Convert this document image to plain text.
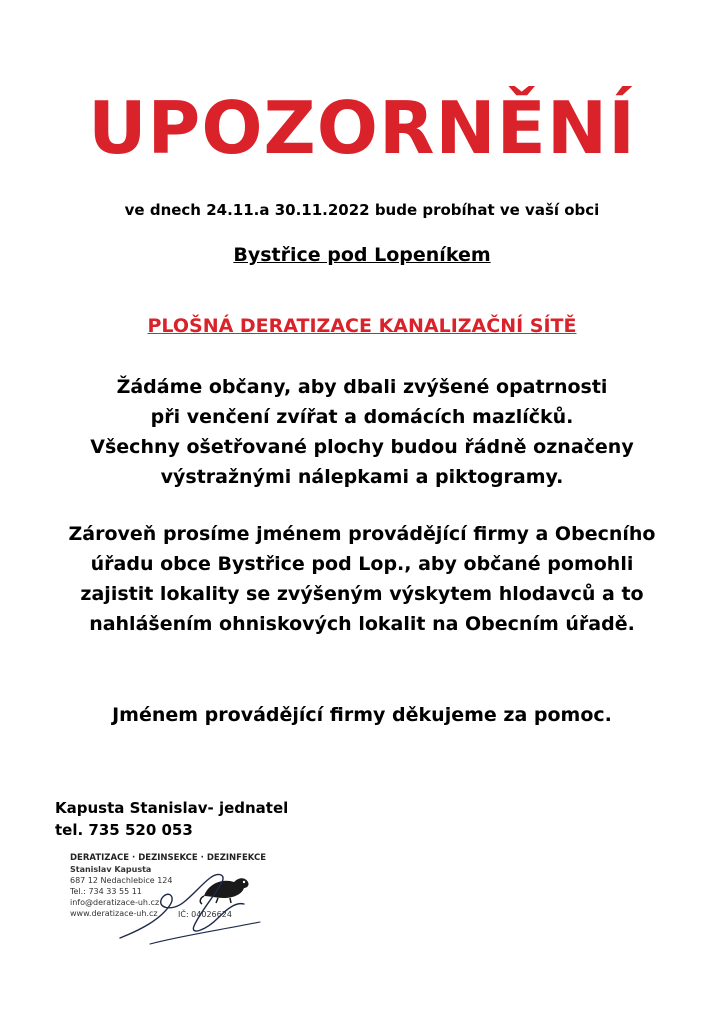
UPOZORNĚNÍ
ve dnech 24.11.a 30.11.2022 bude probíhat ve vaší obci
Bystřice pod Lopeníkem
PLOŠNÁ DERATIZACE KANALIZAČNÍ SÍTĚ
Žádáme občany, aby dbali zvýšené opatrnosti
při venčení zvířat a domácích mazlíčků.
Všechny ošetřované plochy budou řádně označeny
výstražnými nálepkami a piktogramy.
Zároveň prosíme jménem provádějící firmy a Obecního
úřadu obce Bystřice pod Lop., aby občané pomohli
zajistit lokality se zvýšeným výskytem hlodavců a to
nahlášením ohniskových lokalit na Obecním úřadě.
Jménem provádějící firmy děkujeme za pomoc.
Kapusta Stanislav- jednatel
tel. 735 520 053
DERATIZACE · DEZINSEKCE · DEZINFEKCE
Stanislav Kapusta
687 12 Nedachlebice 124
Tel.: 734 33 55 11
info@deratizace-uh.cz
www.deratizace-uh.cz	IČ: 04026624
